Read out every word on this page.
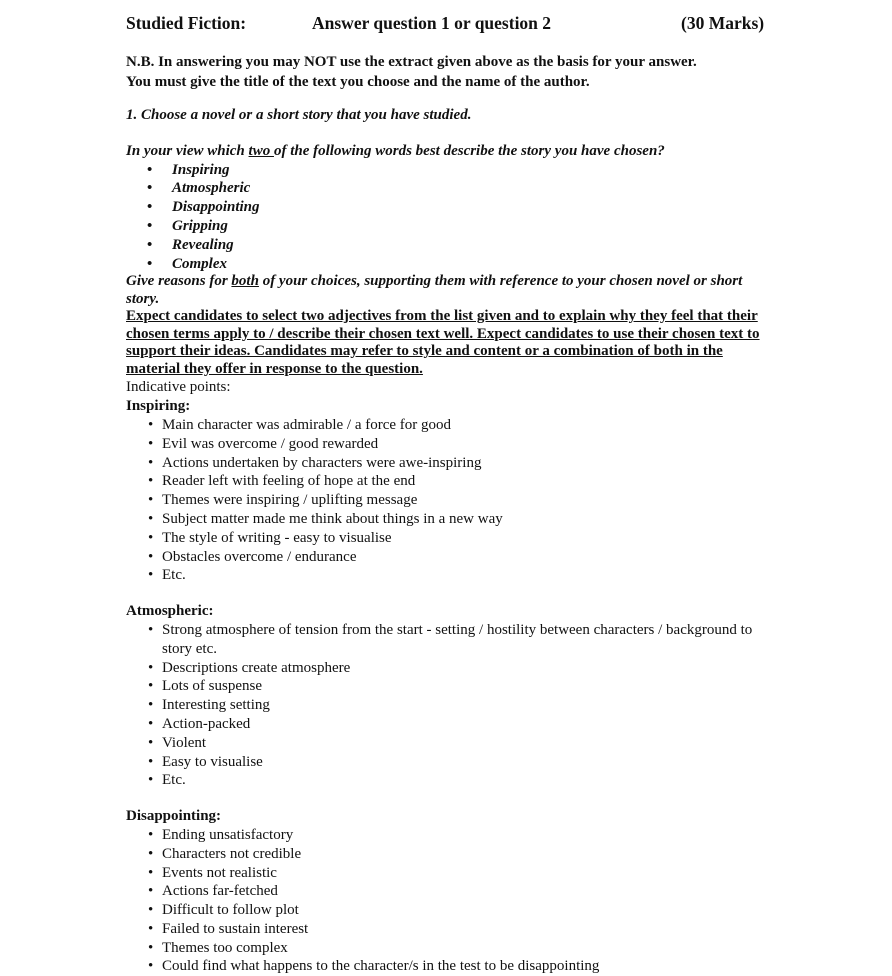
Studied Fiction:	Answer question 1 or question 2	(30 Marks)
N.B. In answering you may NOT use the extract given above as the basis for your answer.
You must give the title of the text you choose and the name of the author.
1. Choose a novel or a short story that you have studied.
In your view which two of the following words best describe the story you have chosen?
• Inspiring
• Atmospheric
• Disappointing
• Gripping
• Revealing
• Complex
Give reasons for both of your choices, supporting them with reference to your chosen novel or short story.
Expect candidates to select two adjectives from the list given and to explain why they feel that their chosen terms apply to / describe their chosen text well. Expect candidates to use their chosen text to support their ideas. Candidates may refer to style and content or a combination of both in the material they offer in response to the question.
Indicative points:
Inspiring:
• Main character was admirable / a force for good
• Evil was overcome / good rewarded
• Actions undertaken by characters were awe-inspiring
• Reader left with feeling of hope at the end
• Themes were inspiring / uplifting message
• Subject matter made me think about things in a new way
• The style of writing - easy to visualise
• Obstacles overcome / endurance
• Etc.
Atmospheric:
• Strong atmosphere of tension from the start - setting / hostility between characters / background to story etc.
• Descriptions create atmosphere
• Lots of suspense
• Interesting setting
• Action-packed
• Violent
• Easy to visualise
• Etc.
Disappointing:
• Ending unsatisfactory
• Characters not credible
• Events not realistic
• Actions far-fetched
• Difficult to follow plot
• Failed to sustain interest
• Themes too complex
• Could find what happens to the character/s in the test to be disappointing
